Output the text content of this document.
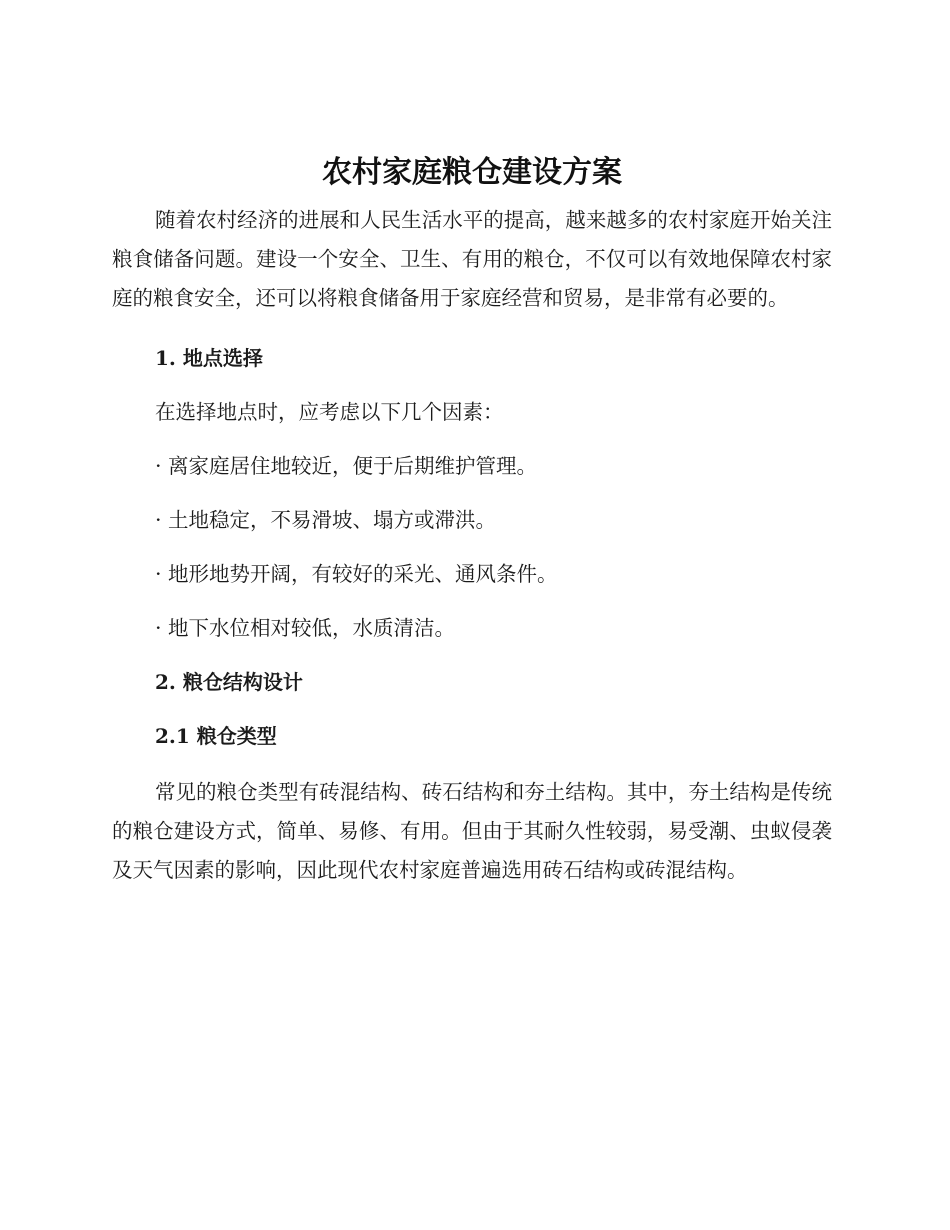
农村家庭粮仓建设方案

随着农村经济的进展和人民生活水平的提高，越来越多的农村家庭开始关注粮食储备问题。建设一个安全、卫生、有用的粮仓，不仅可以有效地保障农村家庭的粮食安全，还可以将粮食储备用于家庭经营和贸易，是非常有必要的。

1. 地点选择

在选择地点时，应考虑以下几个因素：

· 离家庭居住地较近，便于后期维护管理。

· 土地稳定，不易滑坡、塌方或滞洪。

· 地形地势开阔，有较好的采光、通风条件。

· 地下水位相对较低，水质清洁。

2. 粮仓结构设计

2.1 粮仓类型

常见的粮仓类型有砖混结构、砖石结构和夯土结构。其中，夯土结构是传统的粮仓建设方式，简单、易修、有用。但由于其耐久性较弱，易受潮、虫蚁侵袭及天气因素的影响，因此现代农村家庭普遍选用砖石结构或砖混结构。
